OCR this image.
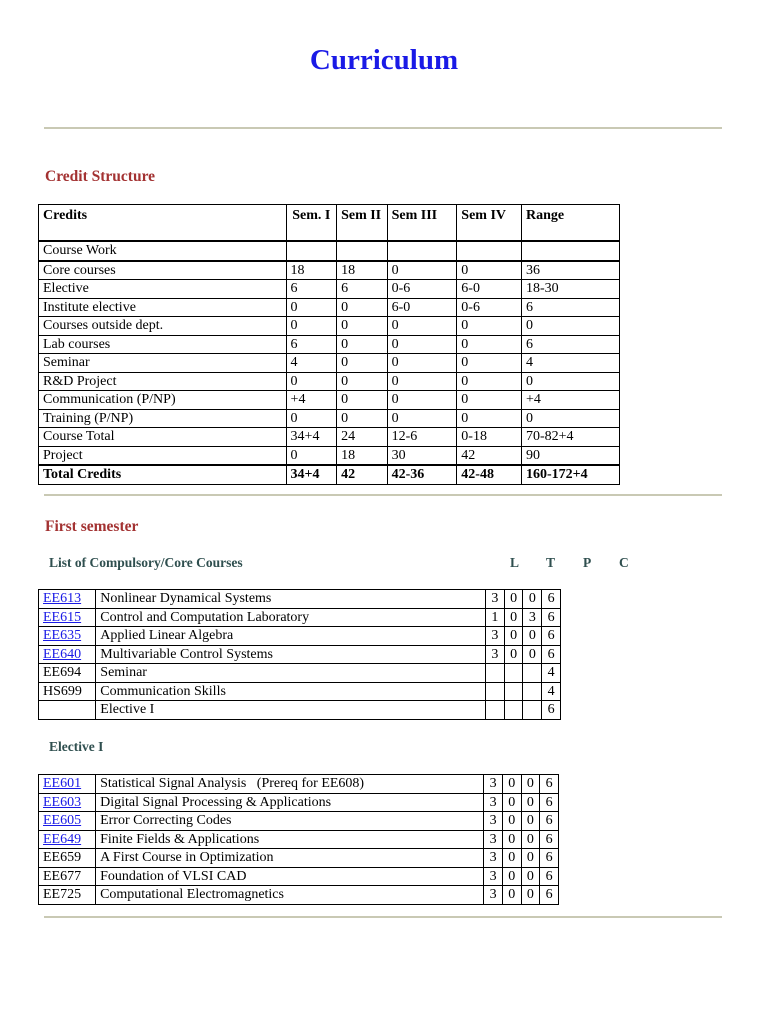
Curriculum
Credit Structure
Credits	Sem. I	Sem II	Sem III	Sem IV	Range
Course Work					
Core courses	18	18	0	0	36
Elective	6	6	0-6	6-0	18-30
Institute elective	0	0	6-0	0-6	6
Courses outside dept.	0	0	0	0	0
Lab courses	6	0	0	0	6
Seminar	4	0	0	0	4
R&D Project	0	0	0	0	0
Communication (P/NP)	+4	0	0	0	+4
Training (P/NP)	0	0	0	0	0
Course Total	34+4	24	12-6	0-18	70-82+4
Project	0	18	30	42	90
Total Credits	34+4	42	42-36	42-48	160-172+4
First semester
List of Compulsory/Core Courses	L T P C
EE613	Nonlinear Dynamical Systems	3	0	0	6
EE615	Control and Computation Laboratory	1	0	3	6
EE635	Applied Linear Algebra	3	0	0	6
EE640	Multivariable Control Systems	3	0	0	6
EE694	Seminar				4
HS699	Communication Skills				4
	Elective I				6
Elective I
EE601	Statistical Signal Analysis   (Prereq for EE608)	3	0	0	6
EE603	Digital Signal Processing & Applications	3	0	0	6
EE605	Error Correcting Codes	3	0	0	6
EE649	Finite Fields & Applications	3	0	0	6
EE659	A First Course in Optimization	3	0	0	6
EE677	Foundation of VLSI CAD	3	0	0	6
EE725	Computational Electromagnetics	3	0	0	6
